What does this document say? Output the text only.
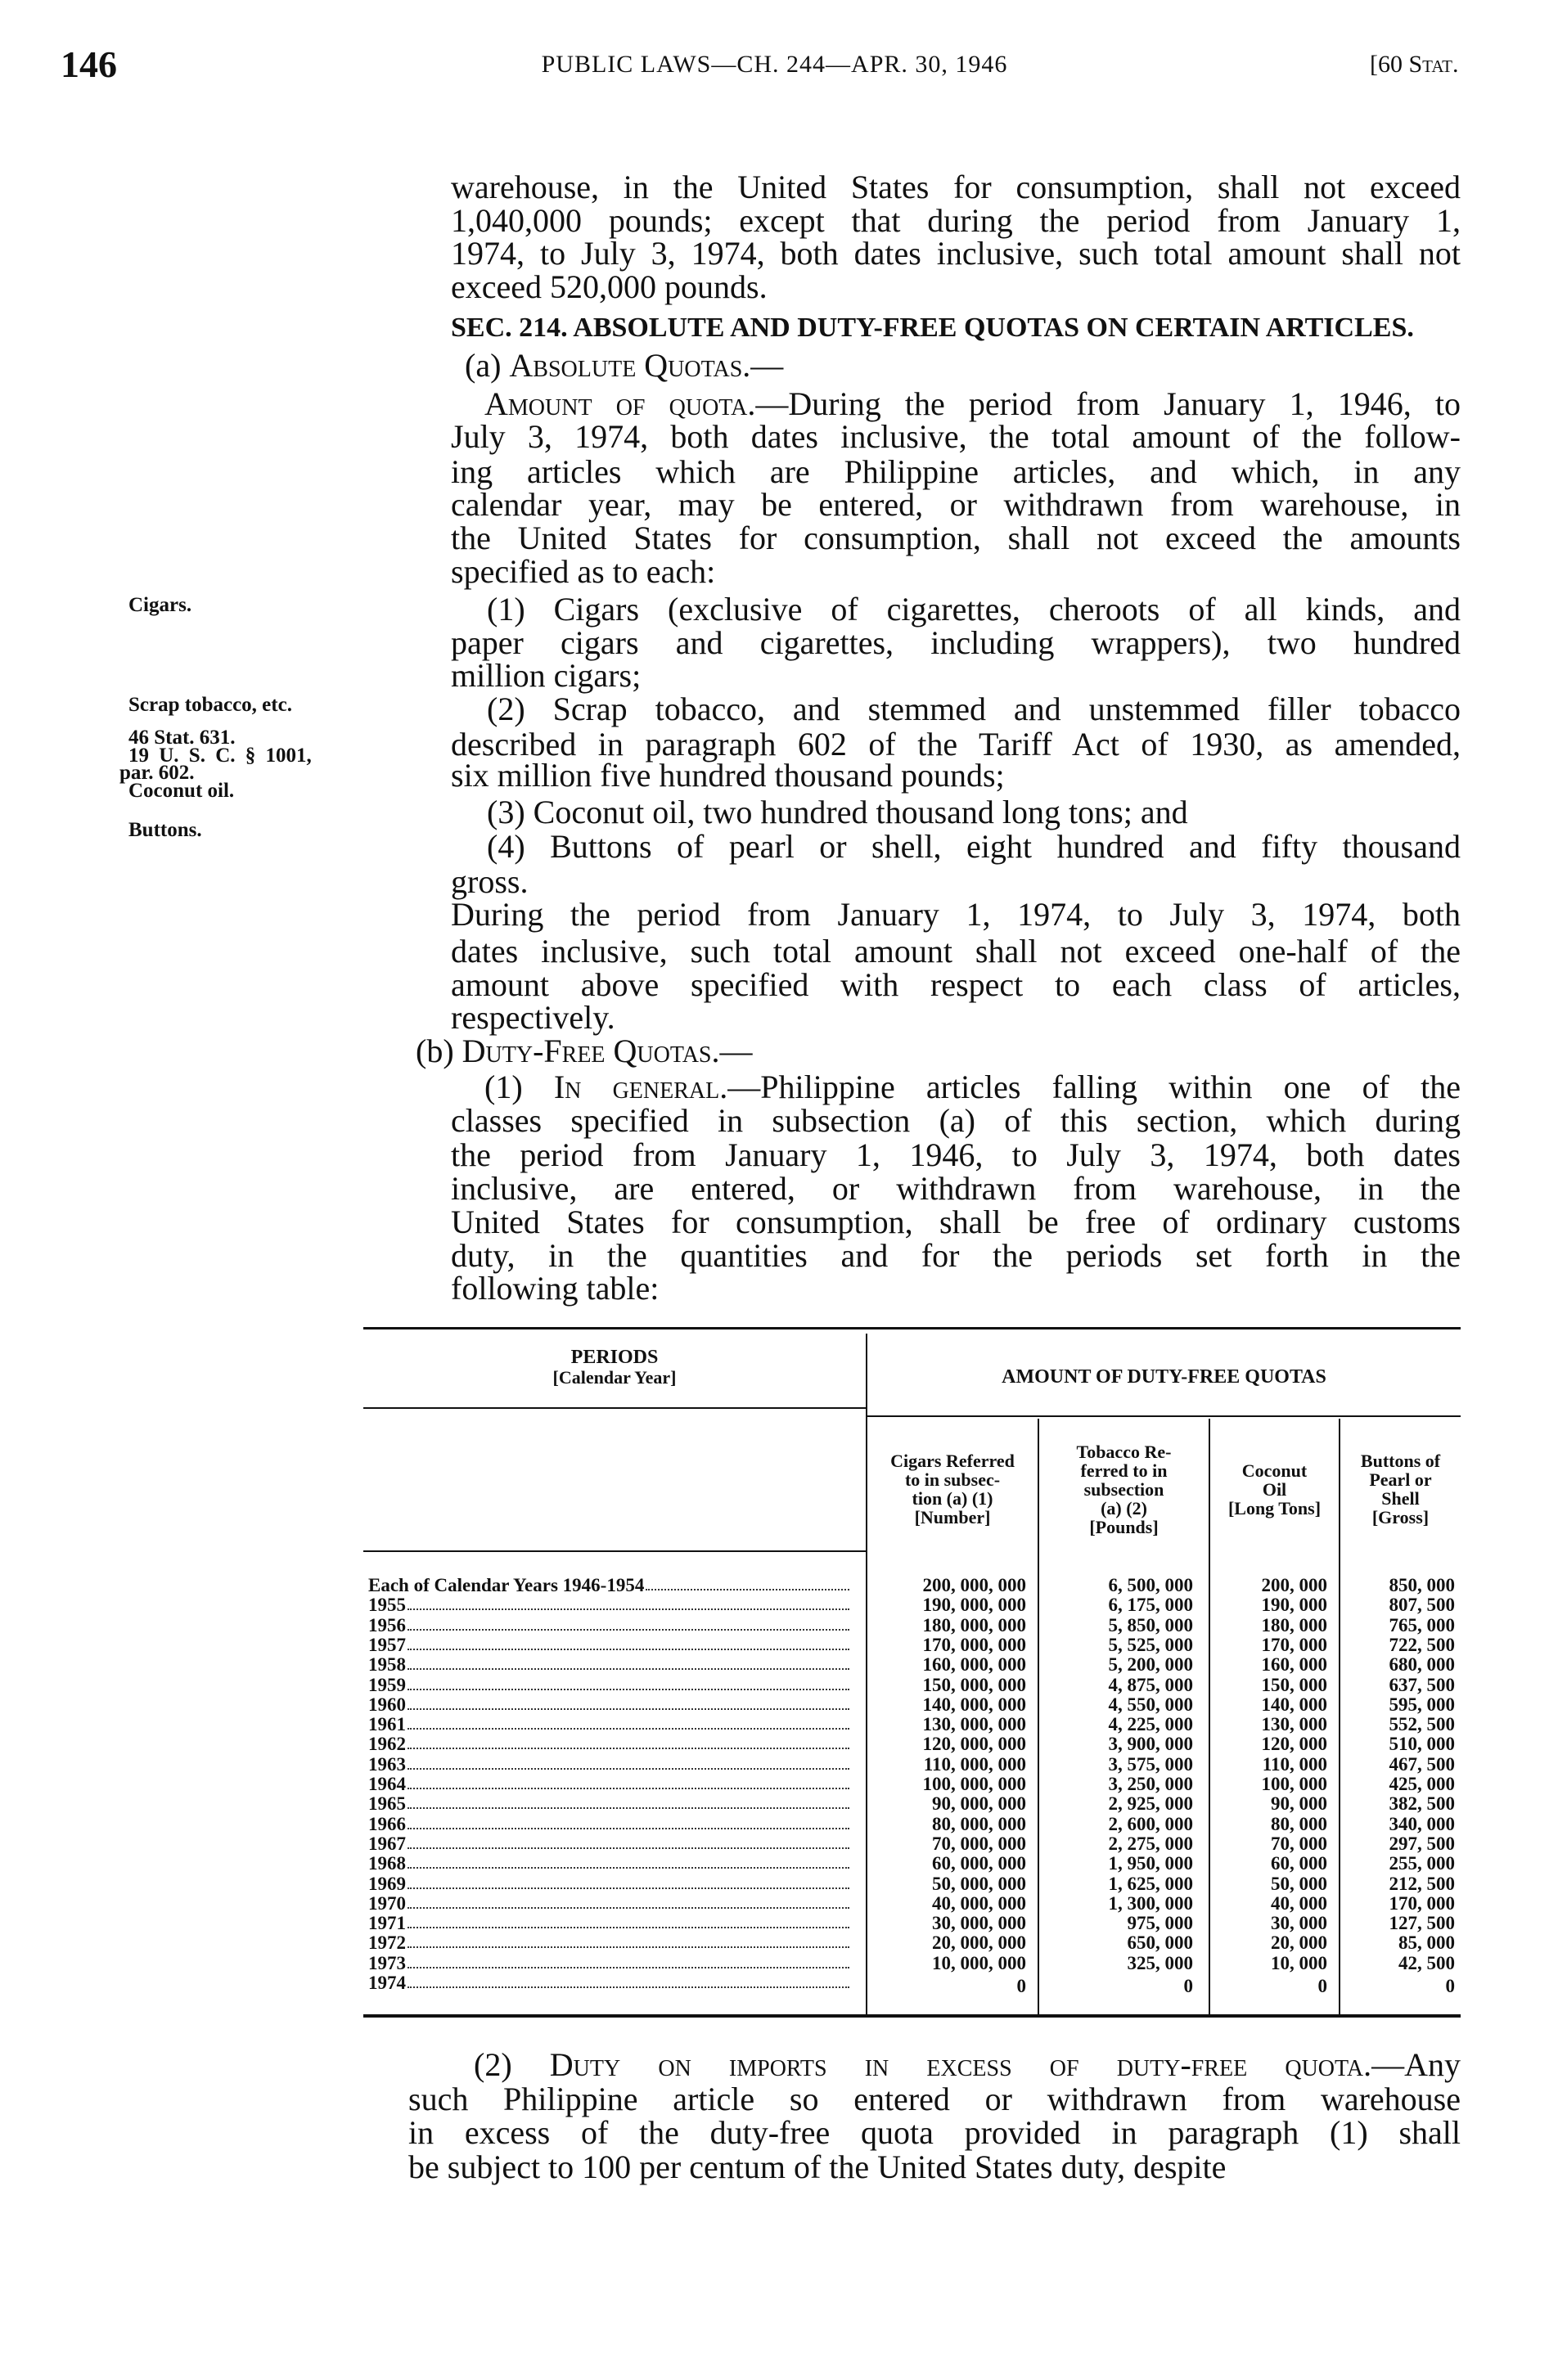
146	PUBLIC LAWS—CH. 244—APR. 30, 1946	[60 Stat.
Cigars.
Scrap tobacco, etc.
46 Stat. 631.
19 U. S. C. § 1001,
par. 602.
Coconut oil.
Buttons.
warehouse, in the United States for consumption, shall not exceed
1,040,000 pounds; except that during the period from January 1,
1974, to July 3, 1974, both dates inclusive, such total amount shall not
exceed 520,000 pounds.
SEC. 214. ABSOLUTE AND DUTY-FREE QUOTAS ON CERTAIN ARTICLES.
(a) Absolute Quotas.—
Amount of quota.—During the period from January 1, 1946, to
July 3, 1974, both dates inclusive, the total amount of the follow-
ing articles which are Philippine articles, and which, in any
calendar year, may be entered, or withdrawn from warehouse, in
the United States for consumption, shall not exceed the amounts
specified as to each:
(1) Cigars (exclusive of cigarettes, cheroots of all kinds, and
paper cigars and cigarettes, including wrappers), two hundred
million cigars;
(2) Scrap tobacco, and stemmed and unstemmed filler tobacco
described in paragraph 602 of the Tariff Act of 1930, as amended,
six million five hundred thousand pounds;
(3) Coconut oil, two hundred thousand long tons; and
(4) Buttons of pearl or shell, eight hundred and fifty thousand
gross.
During the period from January 1, 1974, to July 3, 1974, both
dates inclusive, such total amount shall not exceed one-half of the
amount above specified with respect to each class of articles,
respectively.
(b) Duty-Free Quotas.—
(1) In general.—Philippine articles falling within one of the
classes specified in subsection (a) of this section, which during
the period from January 1, 1946, to July 3, 1974, both dates
inclusive, are entered, or withdrawn from warehouse, in the
United States for consumption, shall be free of ordinary customs
duty, in the quantities and for the periods set forth in the
following table:
(2) Duty on imports in excess of duty-free quota.—Any
such Philippine article so entered or withdrawn from warehouse
in excess of the duty-free quota provided in paragraph (1) shall
be subject to 100 per centum of the United States duty, despite
PERIODS
[Calendar Year]	AMOUNT OF DUTY-FREE QUOTAS
Cigars Referred
to in subsec-
tion (a) (1)
[Number]
Tobacco Re-
ferred to in
subsection
(a) (2)
[Pounds]
Coconut
Oil
[Long Tons]
Buttons of
Pearl or
Shell
[Gross]
Each of Calendar Years 1946-1954	200, 000, 000	6, 500, 000	200, 000	850, 000
1955	190, 000, 000	6, 175, 000	190, 000	807, 500
1956	180, 000, 000	5, 850, 000	180, 000	765, 000
1957	170, 000, 000	5, 525, 000	170, 000	722, 500
1958	160, 000, 000	5, 200, 000	160, 000	680, 000
1959	150, 000, 000	4, 875, 000	150, 000	637, 500
1960	140, 000, 000	4, 550, 000	140, 000	595, 000
1961	130, 000, 000	4, 225, 000	130, 000	552, 500
1962	120, 000, 000	3, 900, 000	120, 000	510, 000
1963	110, 000, 000	3, 575, 000	110, 000	467, 500
1964	100, 000, 000	3, 250, 000	100, 000	425, 000
1965	90, 000, 000	2, 925, 000	90, 000	382, 500
1966	80, 000, 000	2, 600, 000	80, 000	340, 000
1967	70, 000, 000	2, 275, 000	70, 000	297, 500
1968	60, 000, 000	1, 950, 000	60, 000	255, 000
1969	50, 000, 000	1, 625, 000	50, 000	212, 500
1970	40, 000, 000	1, 300, 000	40, 000	170, 000
1971	30, 000, 000	975, 000	30, 000	127, 500
1972	20, 000, 000	650, 000	20, 000	85, 000
1973	10, 000, 000	325, 000	10, 000	42, 500
1974	0	0	0	0
